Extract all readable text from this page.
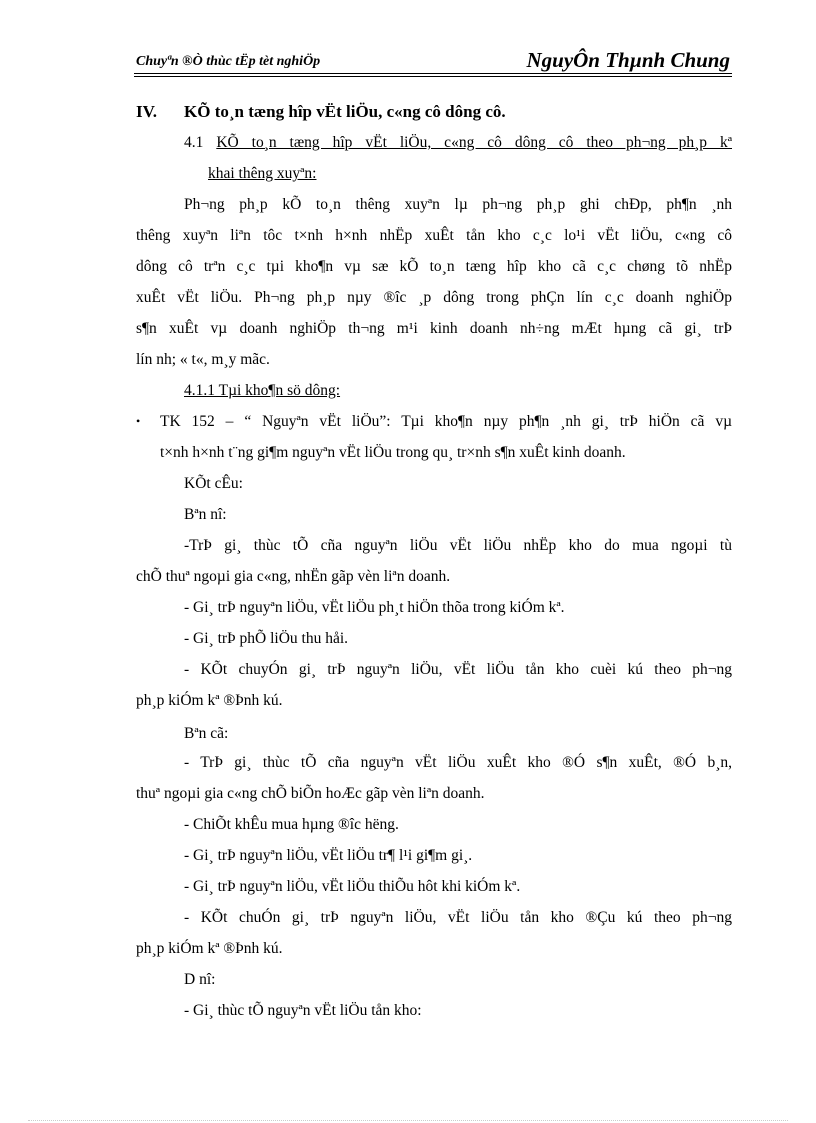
Chuyªn ®Ò thùc tËp tèt nghiÖp	NguyÔn Thµnh Chung
IV. KÕ to¸n tæng hîp vËt liÖu, c«ng cô dông cô.
4.1 KÕ to¸n tæng hîp vËt liÖu, c«ng cô dông cô theo ph¬ng ph¸p kª
khai thêng xuyªn:
Ph¬ng ph¸p kÕ to¸n thêng xuyªn lµ ph¬ng ph¸p ghi chÐp, ph¶n ¸nh
thêng xuyªn liªn tôc t×nh h×nh nhËp xuÊt tån kho c¸c lo¹i vËt liÖu, c«ng cô
dông cô trªn c¸c tµi kho¶n vµ sæ kÕ to¸n tæng hîp kho cã c¸c chøng tõ nhËp
xuÊt vËt liÖu. Ph¬ng ph¸p nµy ®îc ¸p dông trong phÇn lín c¸c doanh nghiÖp
s¶n xuÊt vµ doanh nghiÖp th¬ng m¹i kinh doanh nh÷ng mÆt hµng cã gi¸ trÞ
lín nh; « t«, m¸y mãc.
4.1.1 Tµi kho¶n sö dông:
• TK 152 – “ Nguyªn vËt liÖu”: Tµi kho¶n nµy ph¶n ¸nh gi¸ trÞ hiÖn cã vµ
t×nh h×nh t¨ng gi¶m nguyªn vËt liÖu trong qu¸ tr×nh s¶n xuÊt kinh doanh.
KÕt cÊu:
Bªn nî:
-TrÞ gi¸ thùc tÕ cña nguyªn liÖu vËt liÖu nhËp kho do mua ngoµi tù
chÕ thuª ngoµi gia c«ng, nhËn gãp vèn liªn doanh.
- Gi¸ trÞ nguyªn liÖu, vËt liÖu ph¸t hiÖn thõa trong kiÓm kª.
- Gi¸ trÞ phÕ liÖu thu håi.
- KÕt chuyÓn gi¸ trÞ nguyªn liÖu, vËt liÖu tån kho cuèi kú theo ph¬ng
ph¸p kiÓm kª ®Þnh kú.
Bªn cã:
- TrÞ gi¸ thùc tÕ cña nguyªn vËt liÖu xuÊt kho ®Ó s¶n xuÊt, ®Ó b¸n,
thuª ngoµi gia c«ng chÕ biÕn hoÆc gãp vèn liªn doanh.
- ChiÕt khÊu mua hµng ®îc hëng.
- Gi¸ trÞ nguyªn liÖu, vËt liÖu tr¶ l¹i gi¶m gi¸.
- Gi¸ trÞ nguyªn liÖu, vËt liÖu thiÕu hôt khi kiÓm kª.
- KÕt chuÓn gi¸ trÞ nguyªn liÖu, vËt liÖu tån kho ®Çu kú theo ph¬ng
ph¸p kiÓm kª ®Þnh kú.
D nî:
- Gi¸ thùc tÕ nguyªn vËt liÖu tån kho:
